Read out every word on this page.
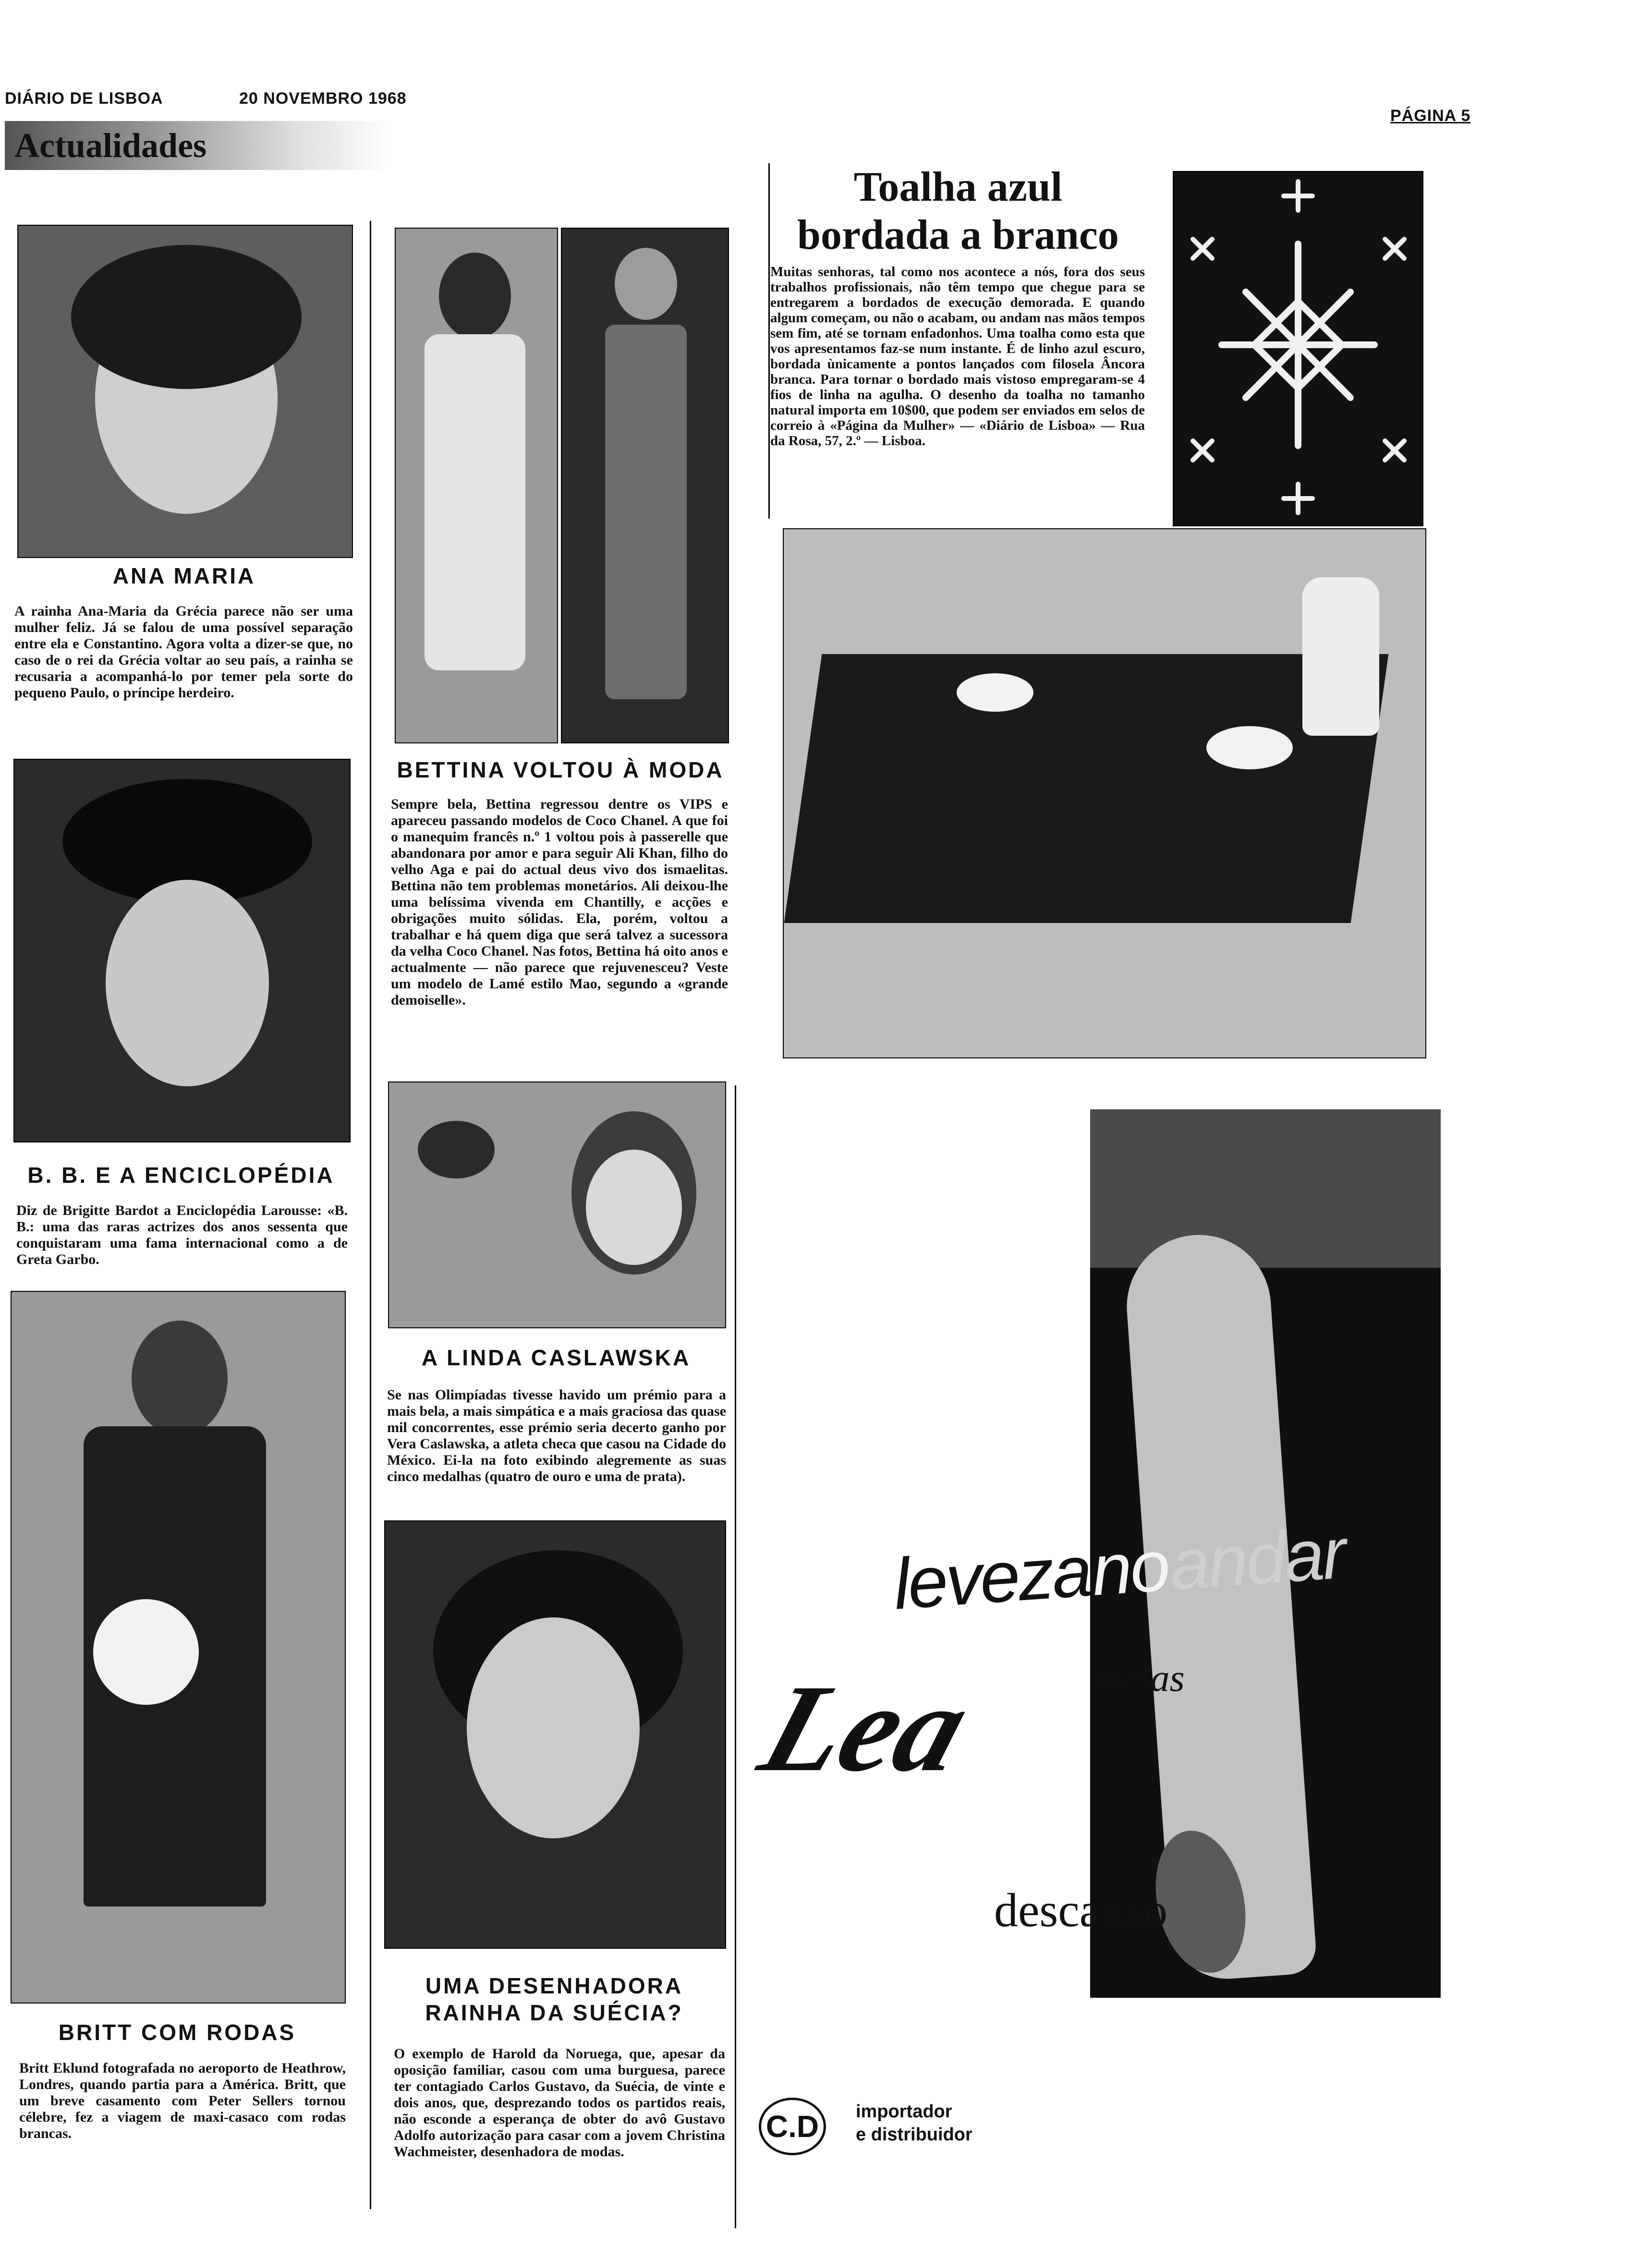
DIÁRIO DE LISBOA	20 NOVEMBRO 1968
PÁGINA 5
Actualidades
ANA MARIA
A rainha Ana-Maria da Grécia parece não ser uma mulher feliz. Já se falou de uma possível separação entre ela e Constantino. Agora volta a dizer-se que, no caso de o rei da Grécia voltar ao seu país, a rainha se recusaria a acompanhá-lo por temer pela sorte do pequeno Paulo, o príncipe herdeiro.
B. B. E A ENCICLOPÉDIA
Diz de Brigitte Bardot a Enciclopédia Larousse: «B. B.: uma das raras actrizes dos anos sessenta que conquistaram uma fama internacional como a de Greta Garbo.
BRITT COM RODAS
Britt Eklund fotografada no aeroporto de Heathrow, Londres, quando partia para a América. Britt, que um breve casamento com Peter Sellers tornou célebre, fez a viagem de maxi-casaco com rodas brancas.
BETTINA VOLTOU À MODA
Sempre bela, Bettina regressou dentre os VIPS e apareceu passando modelos de Coco Chanel. A que foi o manequim francês n.º 1 voltou pois à passerelle que abandonara por amor e para seguir Ali Khan, filho do velho Aga e pai do actual deus vivo dos ismaelitas. Bettina não tem problemas monetários. Ali deixou-lhe uma belíssima vivenda em Chantilly, e acções e obrigações muito sólidas. Ela, porém, voltou a trabalhar e há quem diga que será talvez a sucessora da velha Coco Chanel. Nas fotos, Bettina há oito anos e actualmente — não parece que rejuvenesceu? Veste um modelo de Lamé estilo Mao, segundo a «grande demoiselle».
A LINDA CASLAWSKA
Se nas Olimpíadas tivesse havido um prémio para a mais bela, a mais simpática e a mais graciosa das quase mil concorrentes, esse prémio seria decerto ganho por Vera Caslawska, a atleta checa que casou na Cidade do México. Ei-la na foto exibindo alegremente as suas cinco medalhas (quatro de ouro e uma de prata).
UMA DESENHADORA
RAINHA DA SUÉCIA?
O exemplo de Harold da Noruega, que, apesar da oposição familiar, casou com uma burguesa, parece ter contagiado Carlos Gustavo, da Suécia, de vinte e dois anos, que, desprezando todos os partidos reais, não esconde a esperança de obter do avô Gustavo Adolfo autorização para casar com a jovem Christina Wachmeister, desenhadora de modas.
Toalha azul
bordada a branco
Muitas senhoras, tal como nos acontece a nós, fora dos seus trabalhos profissionais, não têm tempo que chegue para se entregarem a bordados de execução demorada. E quando algum começam, ou não o acabam, ou andam nas mãos tempos sem fim, até se tornam enfadonhos. Uma toalha como esta que vos apresentamos faz-se num instante. É de linho azul escuro, bordada ùnicamente a pontos lançados com filosela Âncora branca. Para tornar o bordado mais vistoso empregaram-se 4 fios de linha na agulha. O desenho da toalha no tamanho natural importa em 10$00, que podem ser enviados em selos de correio à «Página da Mulher» — «Diário de Lisboa» — Rua da Rosa, 57, 2.º — Lisboa.
leveza no andar
meias
Lea
descanso
C.D	importador
e distribuidor
